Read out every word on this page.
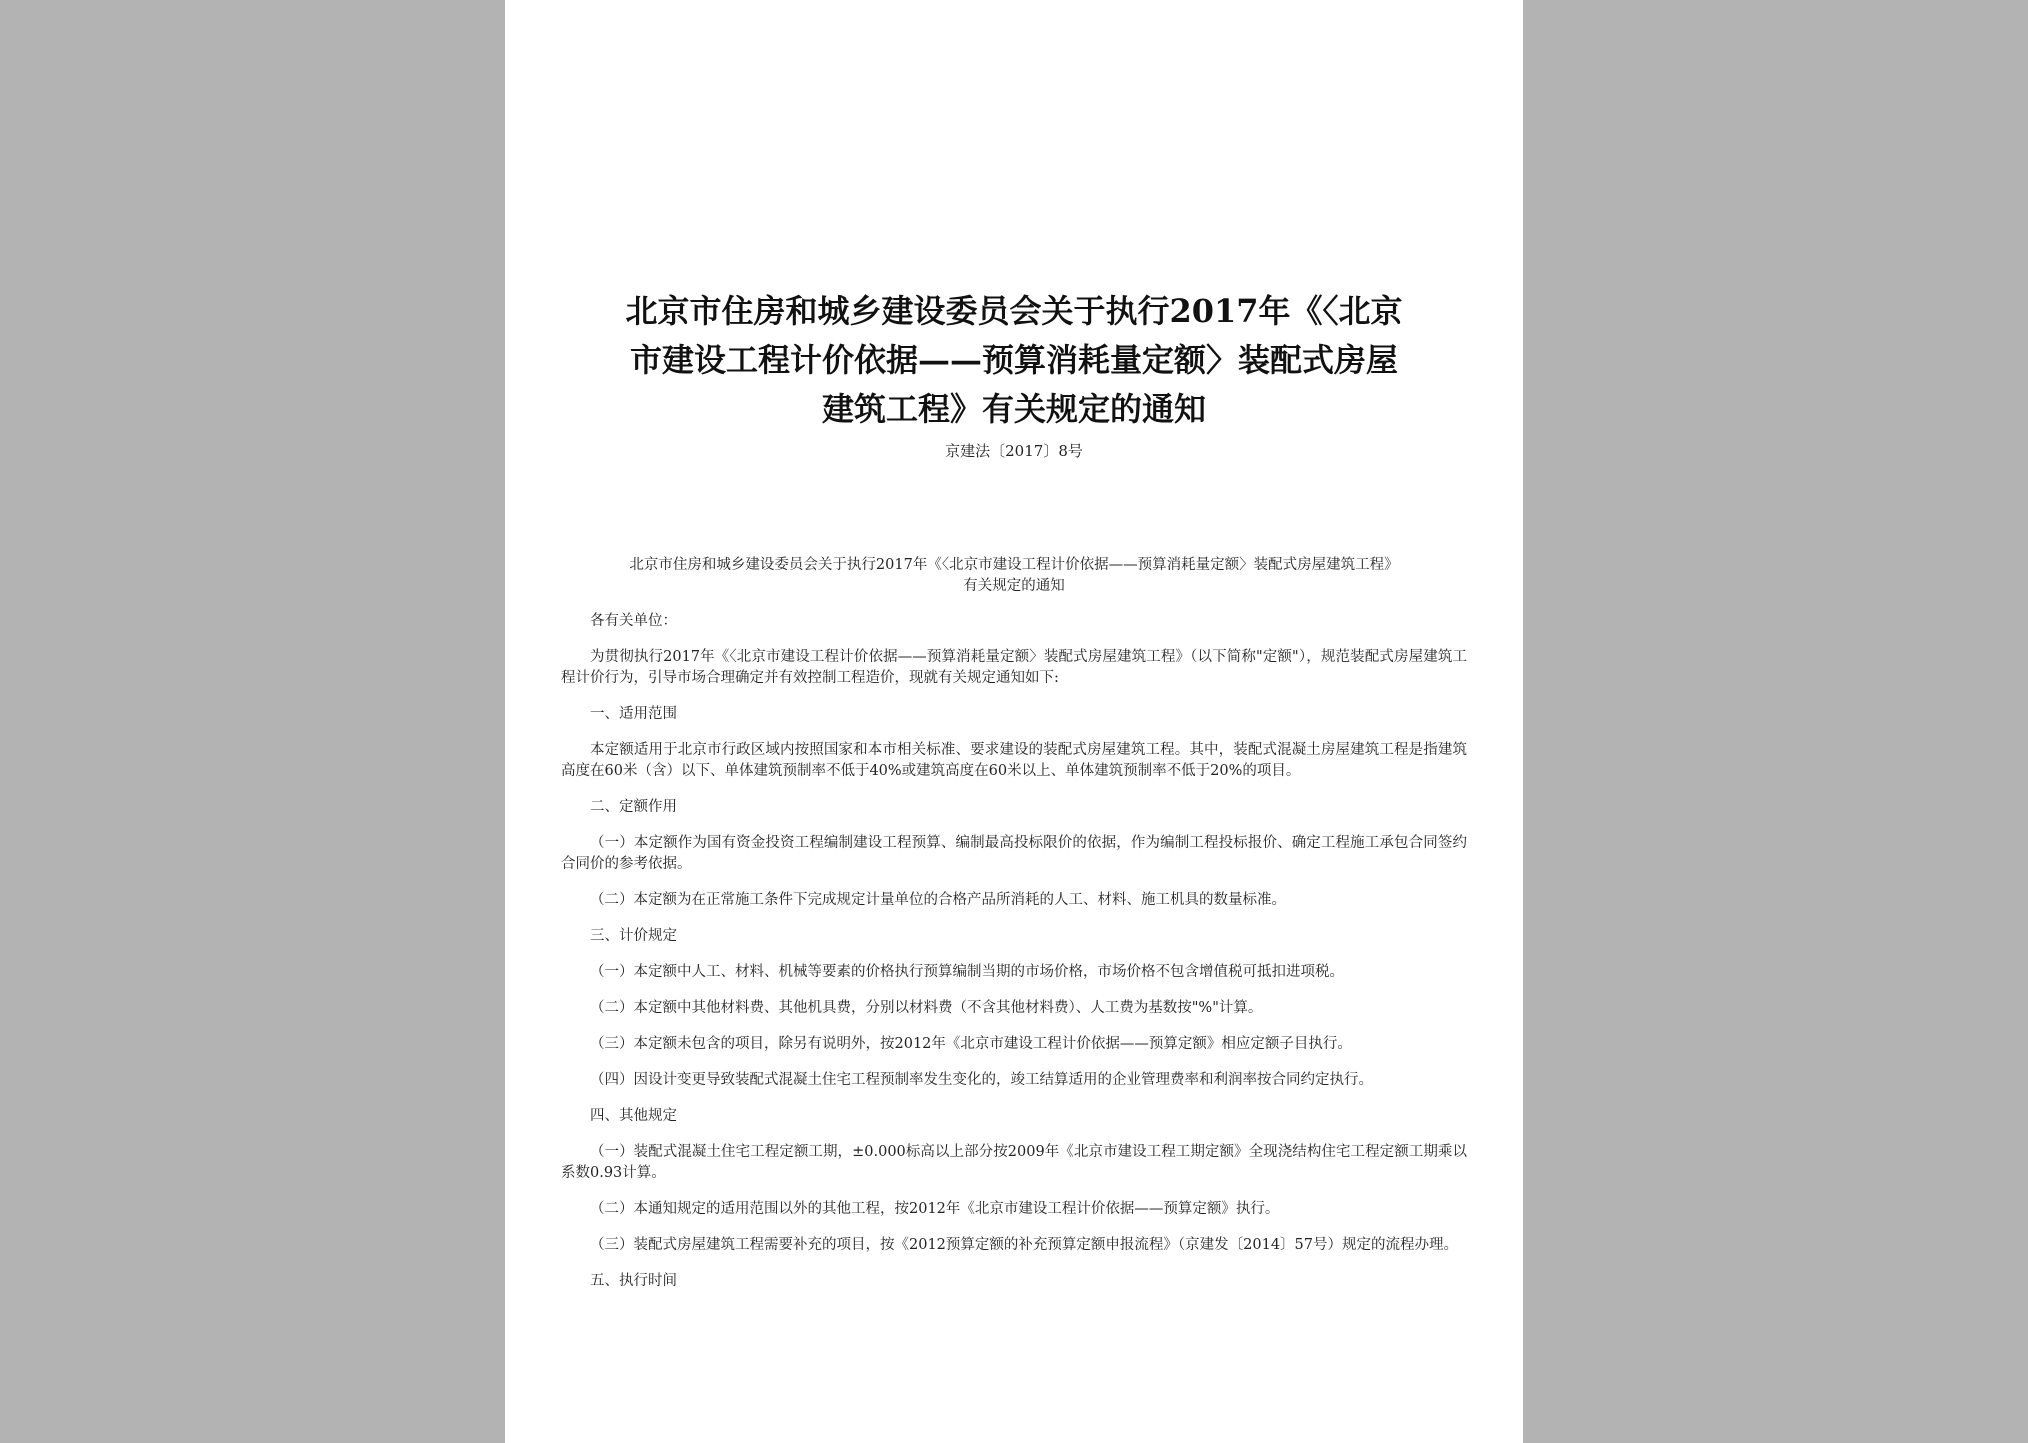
北京市住房和城乡建设委员会关于执行2017年《〈北京
市建设工程计价依据——预算消耗量定额〉装配式房屋
建筑工程》有关规定的通知
京建法〔2017〕8号
北京市住房和城乡建设委员会关于执行2017年《〈北京市建设工程计价依据——预算消耗量定额〉装配式房屋建筑工程》
有关规定的通知

各有关单位：

为贯彻执行2017年《〈北京市建设工程计价依据——预算消耗量定额〉装配式房屋建筑工程》（以下简称"定额"），规范装配式房屋建筑工程计价行为，引导市场合理确定并有效控制工程造价，现就有关规定通知如下:

一、适用范围

本定额适用于北京市行政区域内按照国家和本市相关标准、要求建设的装配式房屋建筑工程。其中，装配式混凝土房屋建筑工程是指建筑高度在60米（含）以下、单体建筑预制率不低于40%或建筑高度在60米以上、单体建筑预制率不低于20%的项目。

二、定额作用

（一）本定额作为国有资金投资工程编制建设工程预算、编制最高投标限价的依据，作为编制工程投标报价、确定工程施工承包合同签约合同价的参考依据。

（二）本定额为在正常施工条件下完成规定计量单位的合格产品所消耗的人工、材料、施工机具的数量标准。

三、计价规定

（一）本定额中人工、材料、机械等要素的价格执行预算编制当期的市场价格，市场价格不包含增值税可抵扣进项税。

（二）本定额中其他材料费、其他机具费，分别以材料费（不含其他材料费）、人工费为基数按"%"计算。

（三）本定额未包含的项目，除另有说明外，按2012年《北京市建设工程计价依据——预算定额》相应定额子目执行。

（四）因设计变更导致装配式混凝土住宅工程预制率发生变化的，竣工结算适用的企业管理费率和利润率按合同约定执行。

四、其他规定

（一）装配式混凝土住宅工程定额工期，±0.000标高以上部分按2009年《北京市建设工程工期定额》全现浇结构住宅工程定额工期乘以系数0.93计算。

（二）本通知规定的适用范围以外的其他工程，按2012年《北京市建设工程计价依据——预算定额》执行。

（三）装配式房屋建筑工程需要补充的项目，按《2012预算定额的补充预算定额申报流程》（京建发〔2014〕57号）规定的流程办理。

五、执行时间
